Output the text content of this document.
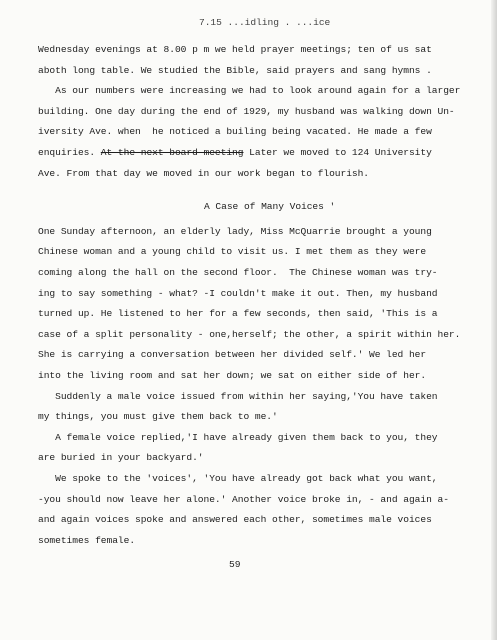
7.15 ...idling . ...ice
Wednesday evenings at 8.00 p m we held prayer meetings; ten of us sat
aboth long table. We studied the Bible, said prayers and sang hymns .
As our numbers were increasing we had to look around again for a larger
building. One day during the end of 1929, my husband was walking down Un-
iversity Ave. when  he noticed a builing being vacated. He made a few
enquiries. At the next board meeting Later we moved to 124 University
Ave. From that day we moved in our work began to flourish.
A Case of Many Voices '
One Sunday afternoon, an elderly lady, Miss McQuarrie brought a young
Chinese woman and a young child to visit us. I met them as they were
coming along the hall on the second floor.  The Chinese woman was try-
ing to say something - what? -I couldn't make it out. Then, my husband
turned up. He listened to her for a few seconds, then said, 'This is a
case of a split personality - one,herself; the other, a spirit within her.
She is carrying a conversation between her divided self.' We led her
into the living room and sat her down; we sat on either side of her.
Suddenly a male voice issued from within her saying,'You have taken
my things, you must give them back to me.'
A female voice replied,'I have already given them back to you, they
are buried in your backyard.'
We spoke to the 'voices', 'You have already got back what you want,
-you should now leave her alone.' Another voice broke in, - and again a-
and again voices spoke and answered each other, sometimes male voices
sometimes female.
59
